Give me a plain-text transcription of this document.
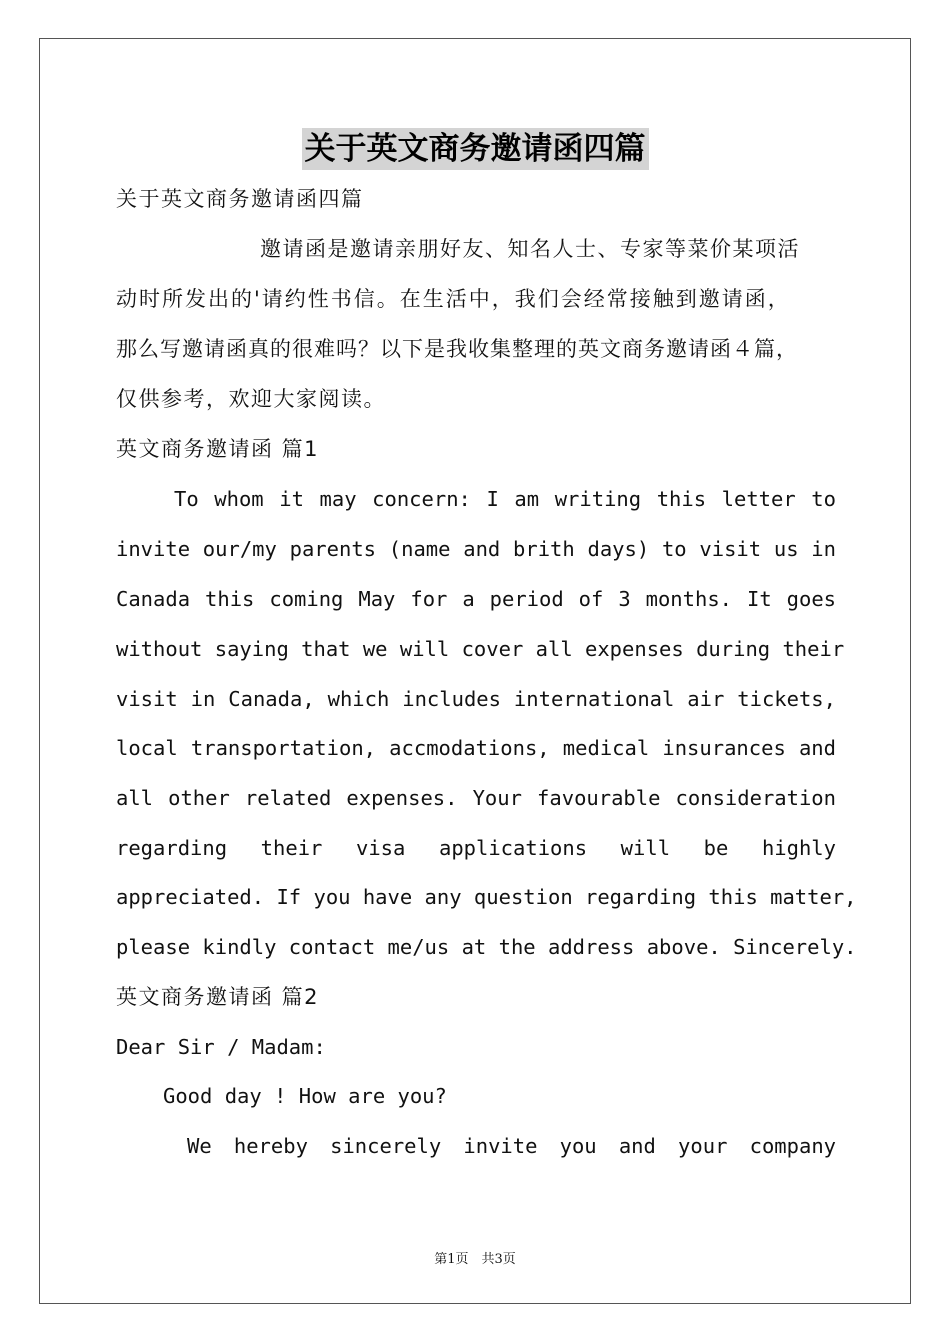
关于英文商务邀请函四篇
关于英文商务邀请函四篇
邀请函是邀请亲朋好友、知名人士、专家等菜价某项活
动时所发出的'请约性书信。在生活中，我们会经常接触到邀请函，
那么写邀请函真的很难吗？以下是我收集整理的英文商务邀请函４篇，
仅供参考，欢迎大家阅读。
英文商务邀请函 篇1
To whom it may concern: I am writing this letter to
invite our/my parents (name and brith days) to visit us in
Canada this coming May for a period of 3 months. It goes
without saying that we will cover all expenses during their
visit in Canada, which includes international air tickets,
local transportation, accmodations, medical insurances and
all other related expenses. Your favourable consideration
regarding their visa applications will be highly
appreciated. If you have any question regarding this matter,
please kindly contact me/us at the address above. Sincerely.
英文商务邀请函 篇2
Dear Sir / Madam:
Good day ! How are you?
We hereby sincerely invite you and your company
第1页　共3页
